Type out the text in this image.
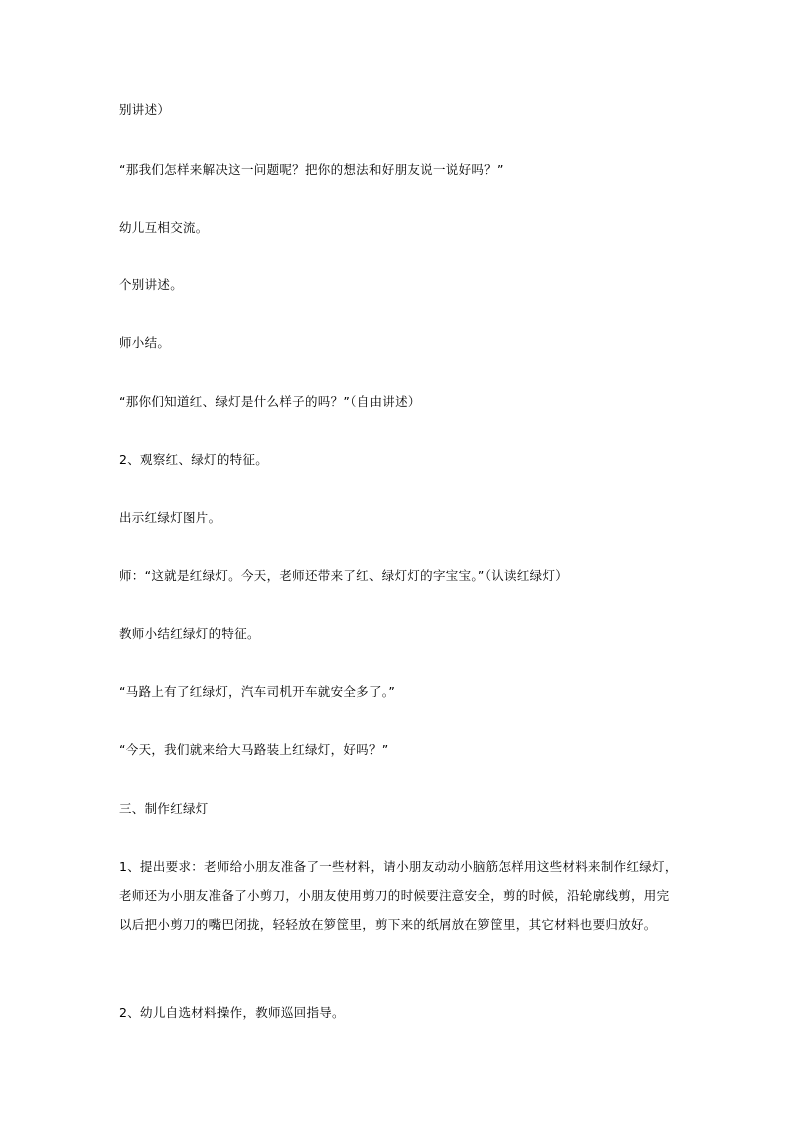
别讲述）

“那我们怎样来解决这一问题呢？把你的想法和好朋友说一说好吗？”

幼儿互相交流。

个别讲述。

师小结。

“那你们知道红、绿灯是什么样子的吗？”（自由讲述）

2、观察红、绿灯的特征。

出示红绿灯图片。

师：“这就是红绿灯。今天，老师还带来了红、绿灯灯的字宝宝。”（认读红绿灯）

教师小结红绿灯的特征。

“马路上有了红绿灯，汽车司机开车就安全多了。”

“今天，我们就来给大马路装上红绿灯，好吗？”

三、制作红绿灯

1、提出要求：老师给小朋友准备了一些材料，请小朋友动动小脑筋怎样用这些材料来制作红绿灯，老师还为小朋友准备了小剪刀，小朋友使用剪刀的时候要注意安全，剪的时候，沿轮廓线剪，用完以后把小剪刀的嘴巴闭拢，轻轻放在箩筐里，剪下来的纸屑放在箩筐里，其它材料也要归放好。

2、幼儿自选材料操作，教师巡回指导。
